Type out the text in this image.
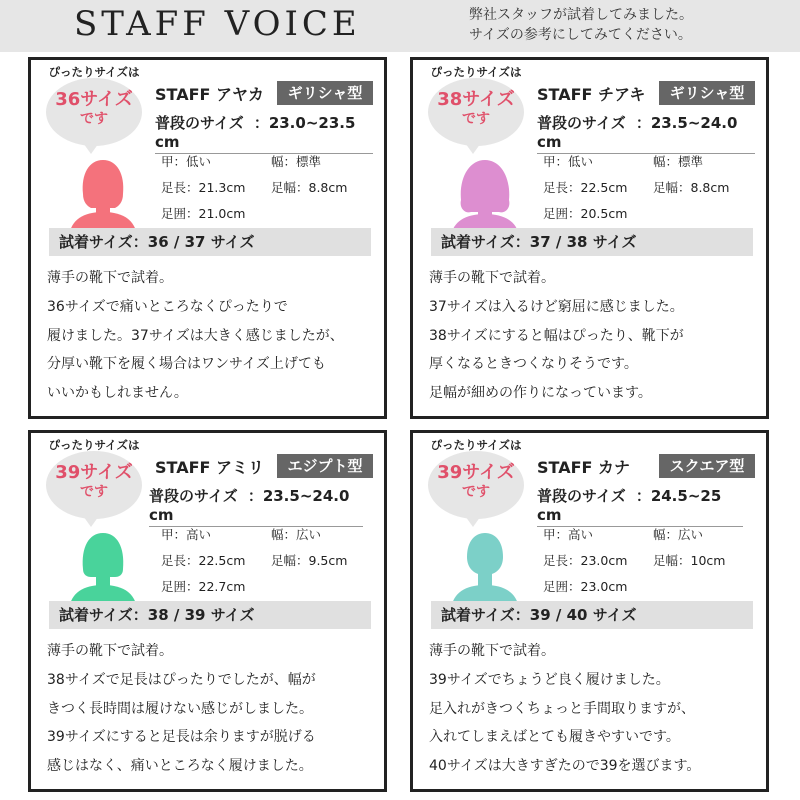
STAFF VOICE	弊社スタッフが試着してみました。
サイズの参考にしてみてください。
ぴったりサイズは
36サイズ
です
STAFF アヤカ	ギリシャ型
普段のサイズ ：23.0~23.5 cm
甲：低い	幅：標準
足長：21.3cm 足幅：8.8cm
足囲：21.0cm
試着サイズ：36 / 37 サイズ
薄手の靴下で試着。
36サイズで痛いところなくぴったりで
履けました。37サイズは大きく感じましたが、
分厚い靴下を履く場合はワンサイズ上げても
いいかもしれません。
ぴったりサイズは
38サイズ
です
STAFF チアキ	ギリシャ型
普段のサイズ ：23.5~24.0 cm
甲：低い	幅：標準
足長：22.5cm 足幅：8.8cm
足囲：20.5cm
試着サイズ：37 / 38 サイズ
薄手の靴下で試着。
37サイズは入るけど窮屈に感じました。
38サイズにすると幅はぴったり、靴下が
厚くなるときつくなりそうです。
足幅が細めの作りになっています。
ぴったりサイズは
39サイズ
です
STAFF アミリ	エジプト型
普段のサイズ ：23.5~24.0 cm
甲：高い	幅：広い
足長：22.5cm 足幅：9.5cm
足囲：22.7cm
試着サイズ：38 / 39 サイズ
薄手の靴下で試着。
38サイズで足長はぴったりでしたが、幅が
きつく長時間は履けない感じがしました。
39サイズにすると足長は余りますが脱げる
感じはなく、痛いところなく履けました。
ぴったりサイズは
39サイズ
です
STAFF カナ	スクエア型
普段のサイズ ：24.5~25 cm
甲：高い	幅：広い
足長：23.0cm 足幅：10cm
足囲：23.0cm
試着サイズ：39 / 40 サイズ
薄手の靴下で試着。
39サイズでちょうど良く履けました。
足入れがきつくちょっと手間取りますが、
入れてしまえばとても履きやすいです。
40サイズは大きすぎたので39を選びます。
